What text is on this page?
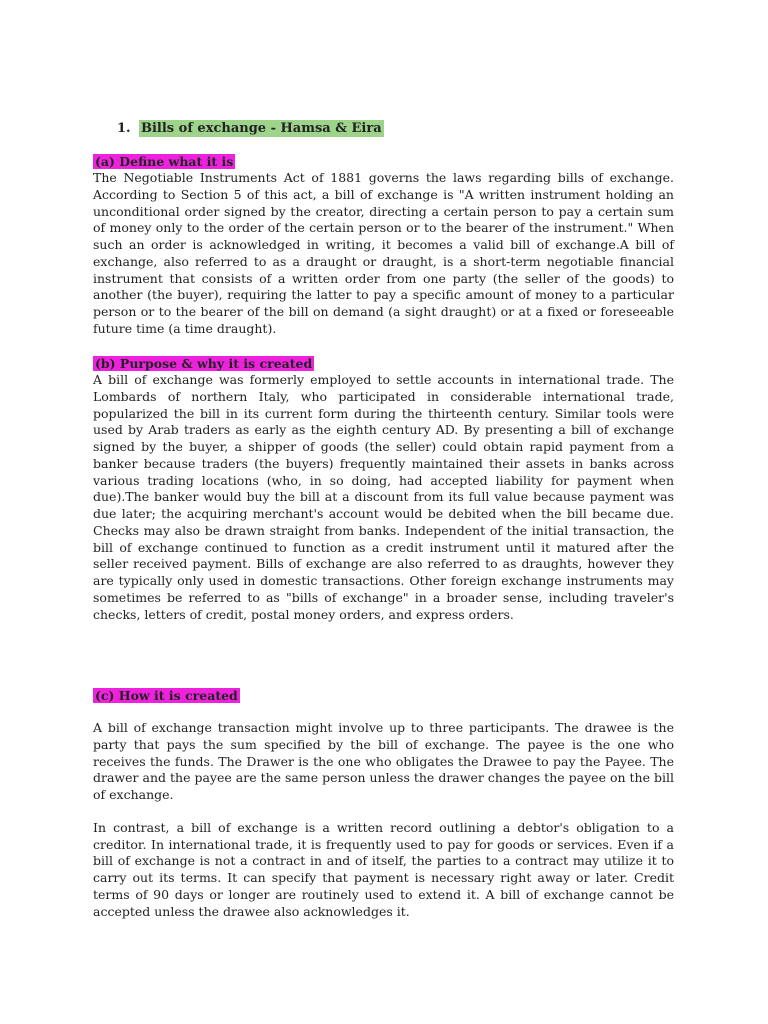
1. Bills of exchange - Hamsa & Eira
(a) Define what it is

The Negotiable Instruments Act of 1881 governs the laws regarding bills of exchange. According to Section 5 of this act, a bill of exchange is "A written instrument holding an unconditional order signed by the creator, directing a certain person to pay a certain sum of money only to the order of the certain person or to the bearer of the instrument." When such an order is acknowledged in writing, it becomes a valid bill of exchange.A bill of exchange, also referred to as a draught or draught, is a short-term negotiable financial instrument that consists of a written order from one party (the seller of the goods) to another (the buyer), requiring the latter to pay a specific amount of money to a particular person or to the bearer of the bill on demand (a sight draught) or at a fixed or foreseeable future time (a time draught).

(b) Purpose & why it is created

A bill of exchange was formerly employed to settle accounts in international trade. The Lombards of northern Italy, who participated in considerable international trade, popularized the bill in its current form during the thirteenth century. Similar tools were used by Arab traders as early as the eighth century AD. By presenting a bill of exchange signed by the buyer, a shipper of goods (the seller) could obtain rapid payment from a banker because traders (the buyers) frequently maintained their assets in banks across various trading locations (who, in so doing, had accepted liability for payment when due).The banker would buy the bill at a discount from its full value because payment was due later; the acquiring merchant's account would be debited when the bill became due. Checks may also be drawn straight from banks. Independent of the initial transaction, the bill of exchange continued to function as a credit instrument until it matured after the seller received payment. Bills of exchange are also referred to as draughts, however they are typically only used in domestic transactions. Other foreign exchange instruments may sometimes be referred to as "bills of exchange" in a broader sense, including traveler's checks, letters of credit, postal money orders, and express orders.

(c) How it is created

A bill of exchange transaction might involve up to three participants. The drawee is the party that pays the sum specified by the bill of exchange. The payee is the one who receives the funds. The Drawer is the one who obligates the Drawee to pay the Payee. The drawer and the payee are the same person unless the drawer changes the payee on the bill of exchange.

In contrast, a bill of exchange is a written record outlining a debtor's obligation to a creditor. In international trade, it is frequently used to pay for goods or services. Even if a bill of exchange is not a contract in and of itself, the parties to a contract may utilize it to carry out its terms. It can specify that payment is necessary right away or later. Credit terms of 90 days or longer are routinely used to extend it. A bill of exchange cannot be accepted unless the drawee also acknowledges it.
